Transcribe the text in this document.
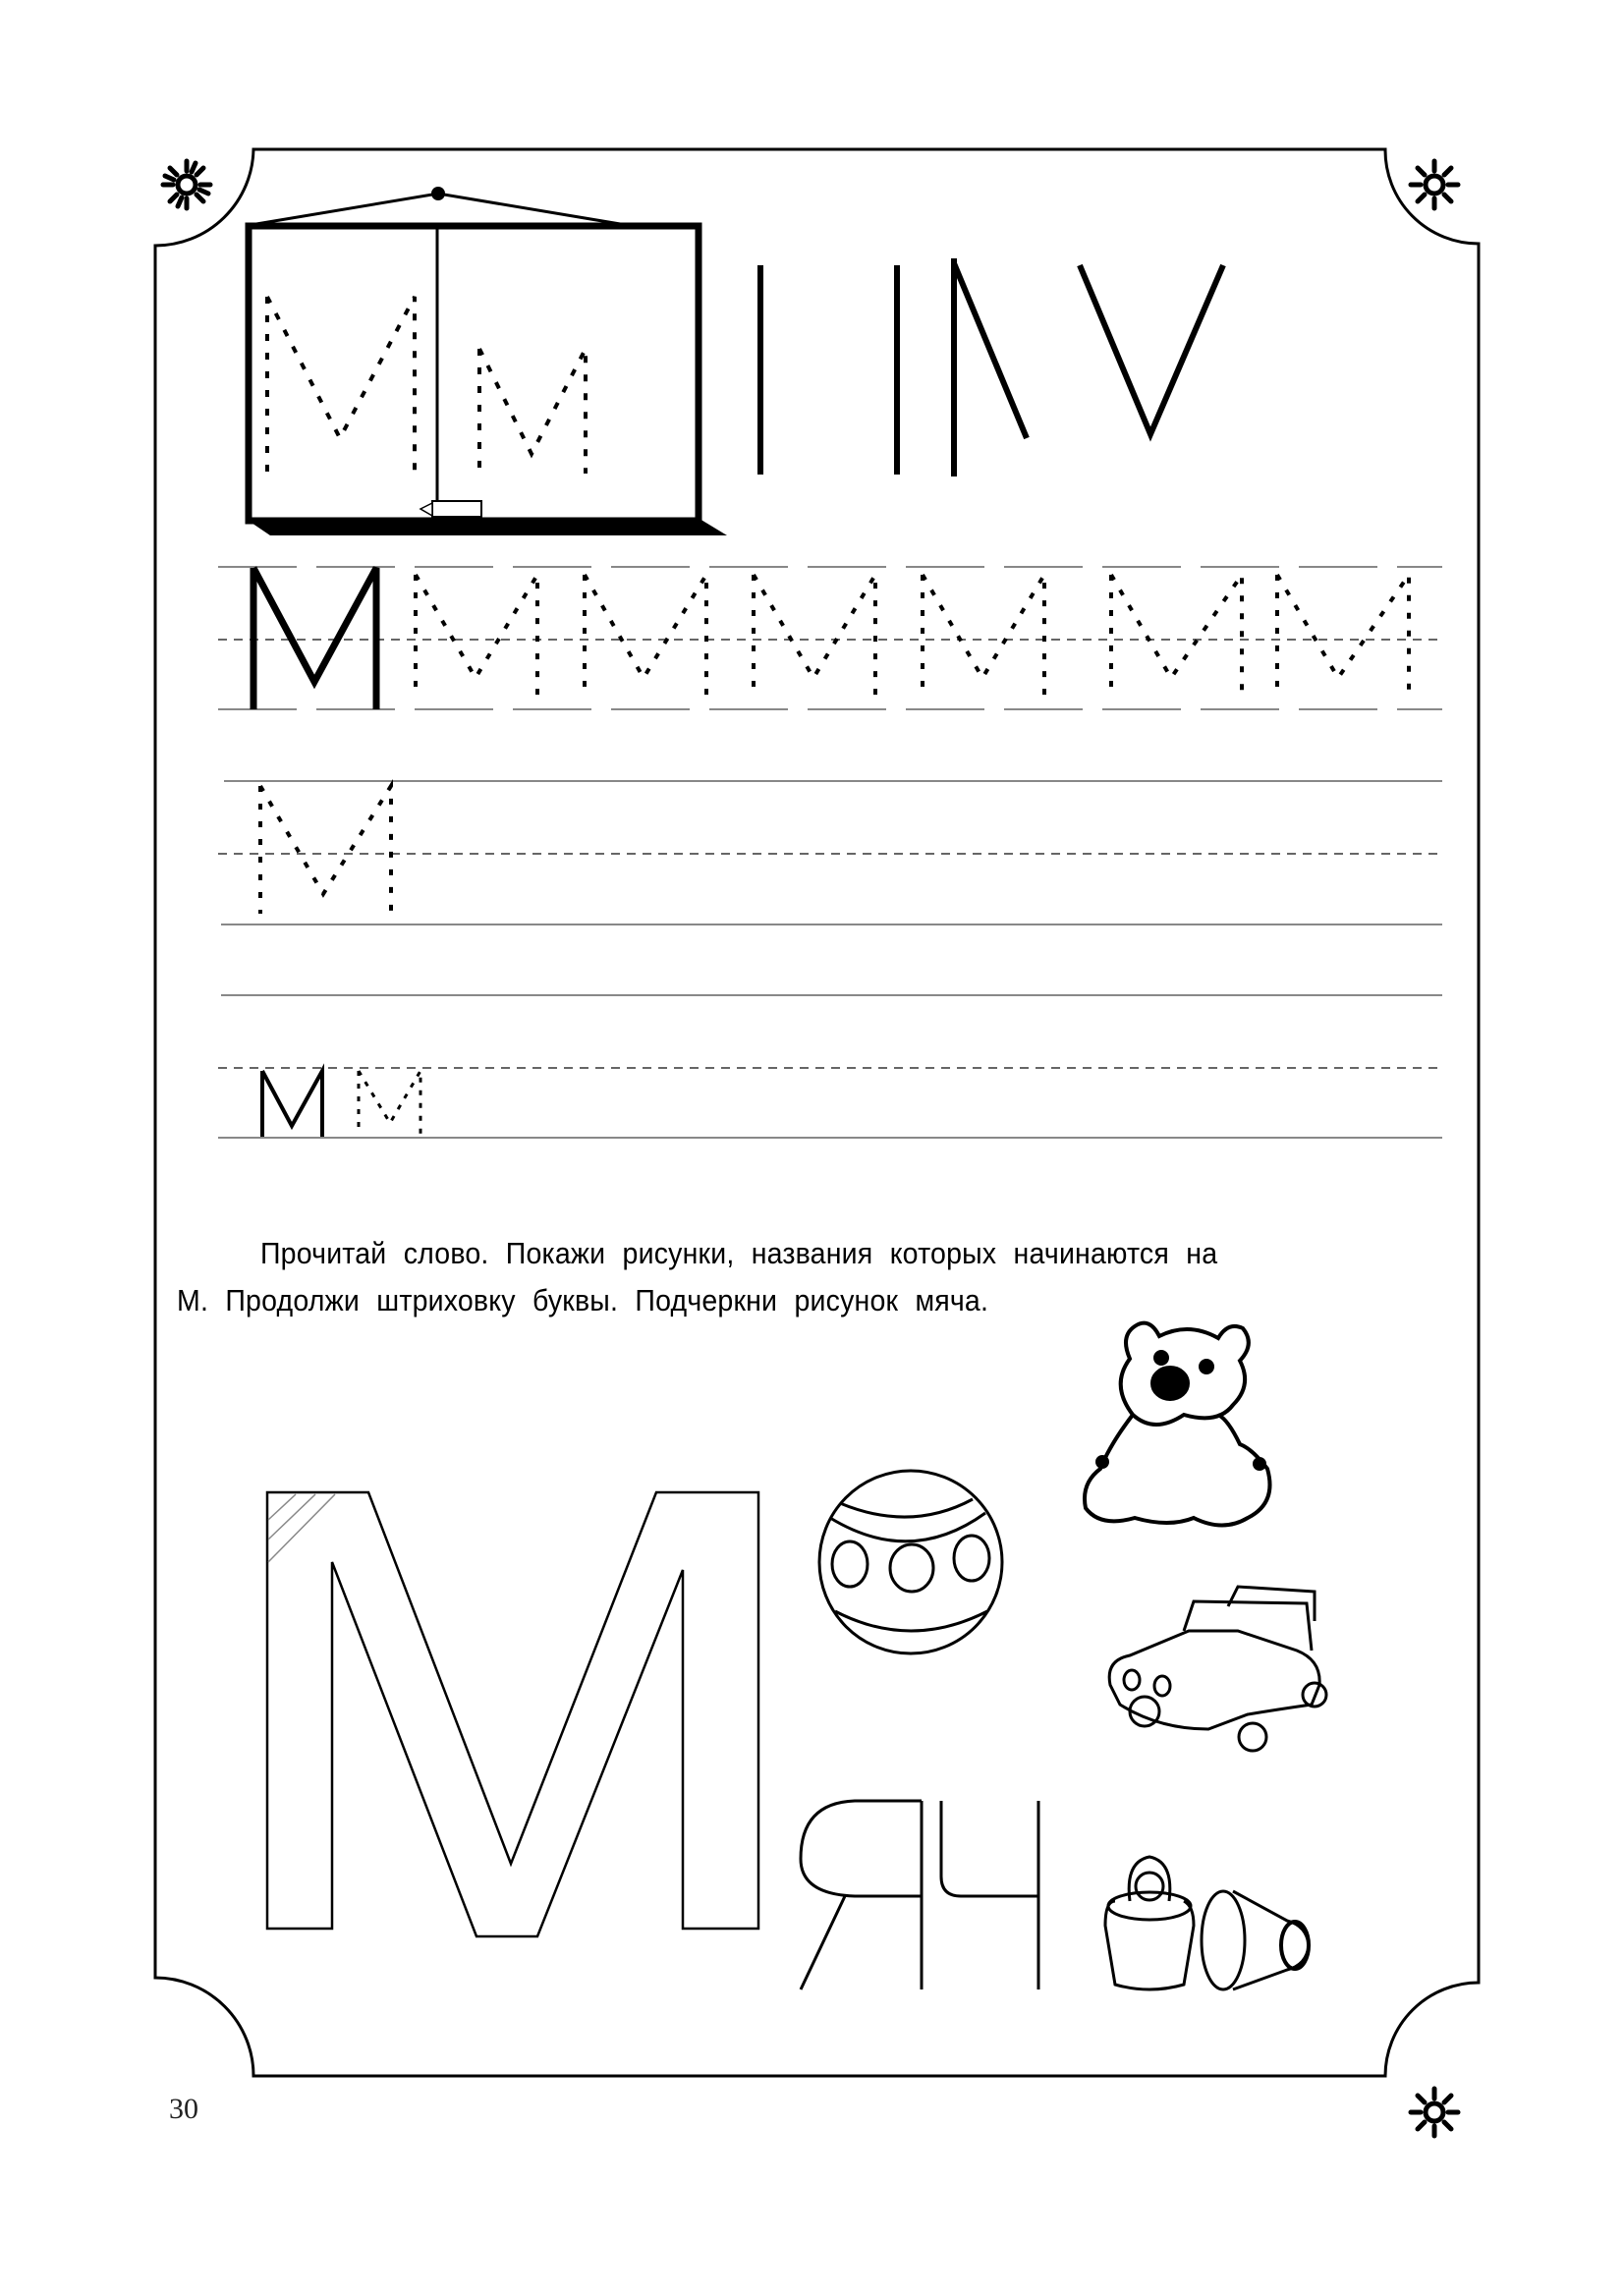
Прочитай слово. Покажи рисунки, названия которых начинаются на
М. Продолжи штриховку буквы. Подчеркни рисунок мяча.
30
